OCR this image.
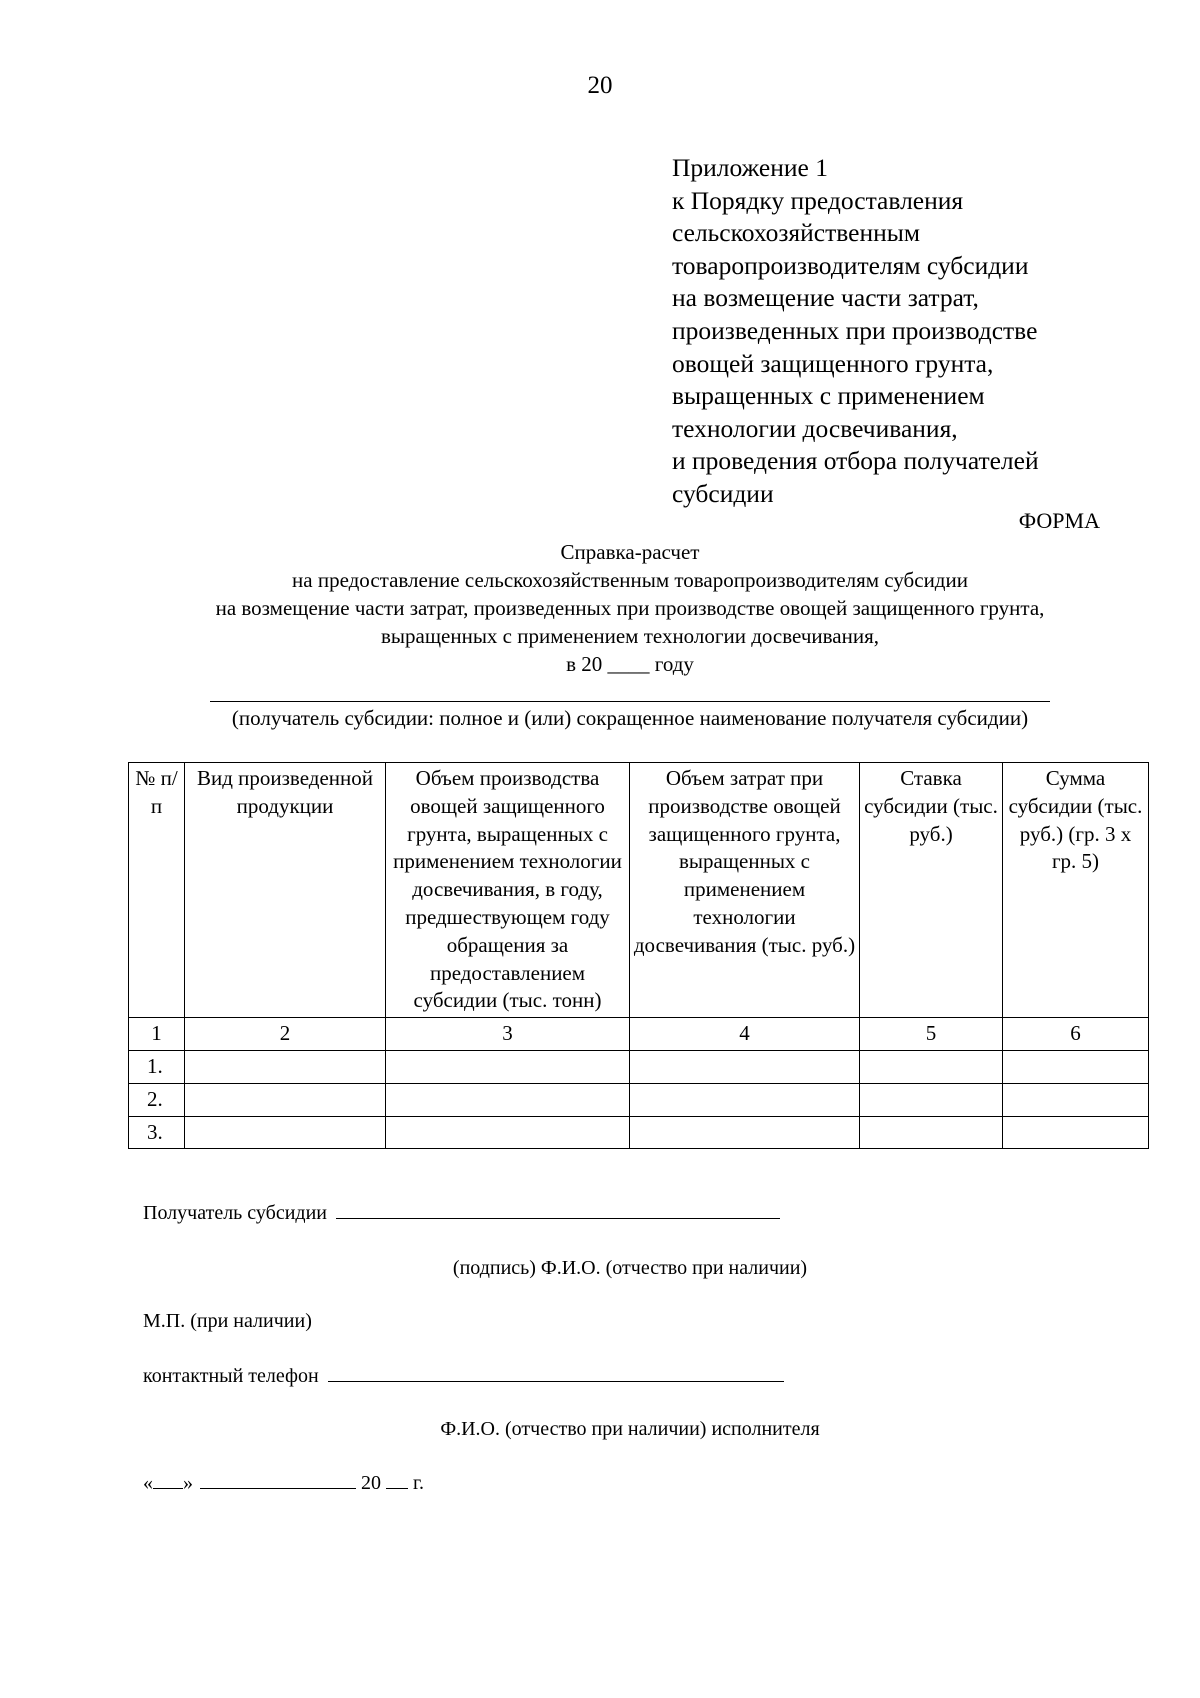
20
Приложение 1
к Порядку предоставления
сельскохозяйственным
товаропроизводителям субсидии
на возмещение части затрат,
произведенных при производстве
овощей защищенного грунта,
выращенных с применением
технологии досвечивания,
и проведения отбора получателей
субсидии
ФОРМА
Справка-расчет
на предоставление сельскохозяйственным товаропроизводителям субсидии
на возмещение части затрат, произведенных при производстве овощей защищенного грунта,
выращенных с применением технологии досвечивания,
в 20 ____ году
(получатель субсидии: полное и (или) сокращенное наименование получателя субсидии)
№ п/п	Вид произведенной продукции	Объем производства овощей защищенного грунта, выращенных с применением технологии досвечивания, в году, предшествующем году обращения за предоставлением субсидии (тыс. тонн)	Объем затрат при производстве овощей защищенного грунта, выращенных с применением технологии досвечивания (тыс. руб.)	Ставка субсидии (тыс. руб.)	Сумма субсидии (тыс. руб.) (гр. 3 х гр. 5)
1	2	3	4	5	6
1.					
2.					
3.					
Получатель субсидии
(подпись) Ф.И.О. (отчество при наличии)
М.П. (при наличии)
контактный телефон
Ф.И.О. (отчество при наличии) исполнителя
« »	20 г.
